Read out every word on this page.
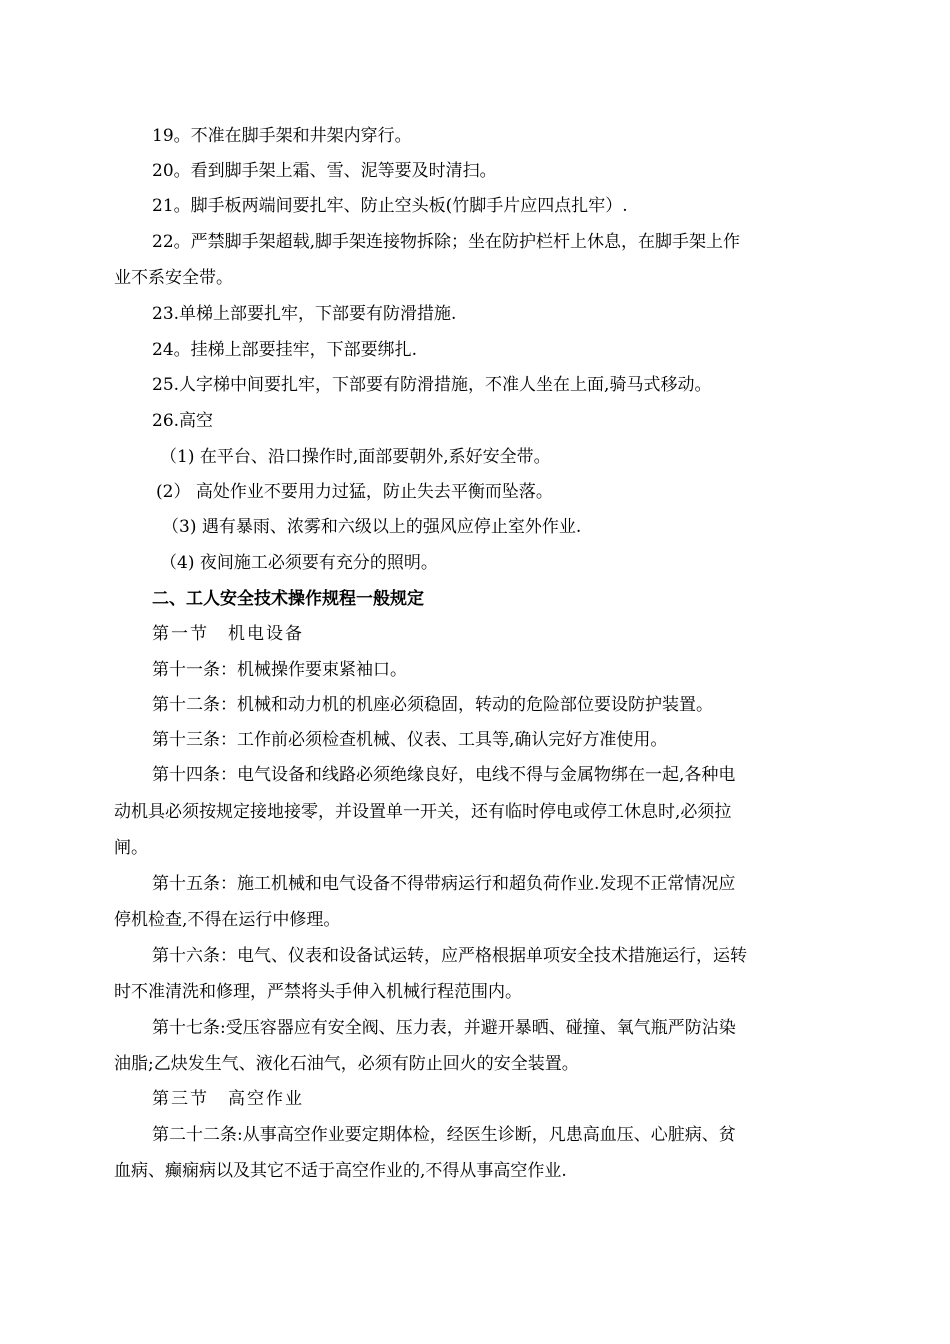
19。不准在脚手架和井架内穿行。
20。看到脚手架上霜、雪、泥等要及时清扫。
21。脚手板两端间要扎牢、防止空头板(竹脚手片应四点扎牢）.
22。严禁脚手架超载,脚手架连接物拆除；坐在防护栏杆上休息，在脚手架上作
业不系安全带。
23.单梯上部要扎牢，下部要有防滑措施.
24。挂梯上部要挂牢，下部要绑扎.
25.人字梯中间要扎牢，下部要有防滑措施，不准人坐在上面,骑马式移动。
26.高空
（1) 在平台、沿口操作时,面部要朝外,系好安全带。
(2） 高处作业不要用力过猛，防止失去平衡而坠落。
（3) 遇有暴雨、浓雾和六级以上的强风应停止室外作业.
（4) 夜间施工必须要有充分的照明。
二、工人安全技术操作规程一般规定
第一节　机电设备
第十一条：机械操作要束紧袖口。
第十二条：机械和动力机的机座必须稳固，转动的危险部位要设防护装置。
第十三条：工作前必须检查机械、仪表、工具等,确认完好方准使用。
第十四条：电气设备和线路必须绝缘良好，电线不得与金属物绑在一起,各种电
动机具必须按规定接地接零，并设置单一开关，还有临时停电或停工休息时,必须拉
闸。
第十五条：施工机械和电气设备不得带病运行和超负荷作业.发现不正常情况应
停机检查,不得在运行中修理。
第十六条：电气、仪表和设备试运转，应严格根据单项安全技术措施运行，运转
时不准清洗和修理，严禁将头手伸入机械行程范围内。
第十七条:受压容器应有安全阀、压力表，并避开暴晒、碰撞、氧气瓶严防沾染
油脂;乙炔发生气、液化石油气，必须有防止回火的安全装置。
第三节　高空作业
第二十二条:从事高空作业要定期体检，经医生诊断，凡患高血压、心脏病、贫
血病、癫痫病以及其它不适于高空作业的,不得从事高空作业.
